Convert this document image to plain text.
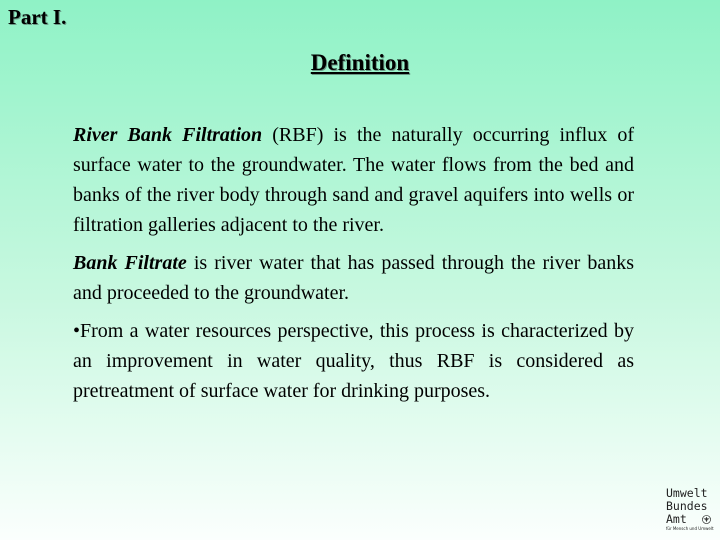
Part I.
Definition

River Bank Filtration (RBF) is the naturally occurring influx of surface water to the groundwater. The water flows from the bed and banks of the river body through sand and gravel aquifers into wells or filtration galleries adjacent to the river.

Bank Filtrate is river water that has passed through the river banks and proceeded to the groundwater.

•From a water resources perspective, this process is characterized by an improvement in water quality, thus RBF is considered as pretreatment of surface water for drinking purposes.

Umwelt
Bundes
Amt
für Mensch und Umwelt
